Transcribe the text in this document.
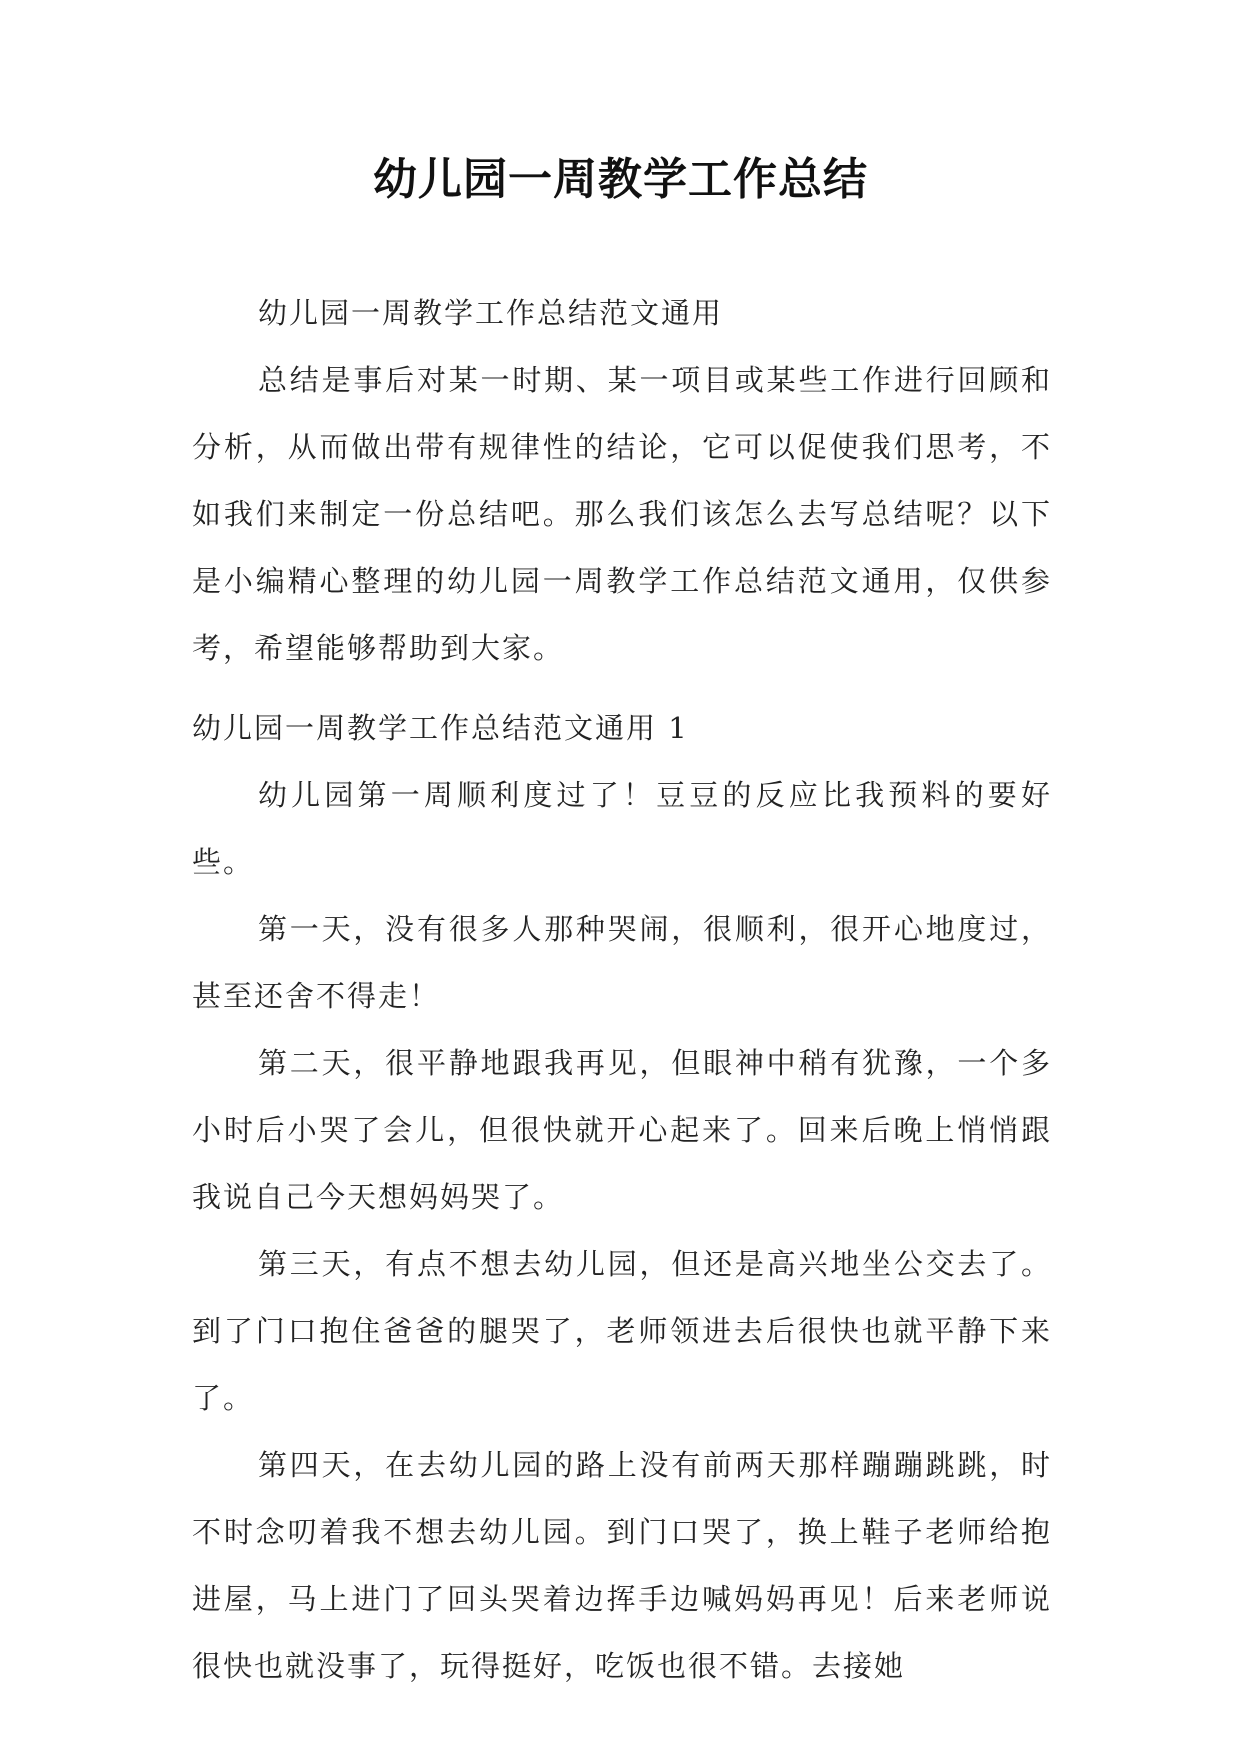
幼儿园一周教学工作总结

幼儿园一周教学工作总结范文通用

总结是事后对某一时期、某一项目或某些工作进行回顾和分析，从而做出带有规律性的结论，它可以促使我们思考，不如我们来制定一份总结吧。那么我们该怎么去写总结呢？以下是小编精心整理的幼儿园一周教学工作总结范文通用，仅供参考，希望能够帮助到大家。

幼儿园一周教学工作总结范文通用 1

幼儿园第一周顺利度过了！豆豆的反应比我预料的要好些。

第一天，没有很多人那种哭闹，很顺利，很开心地度过，甚至还舍不得走！

第二天，很平静地跟我再见，但眼神中稍有犹豫，一个多小时后小哭了会儿，但很快就开心起来了。回来后晚上悄悄跟我说自己今天想妈妈哭了。

第三天，有点不想去幼儿园，但还是高兴地坐公交去了。到了门口抱住爸爸的腿哭了，老师领进去后很快也就平静下来了。

第四天，在去幼儿园的路上没有前两天那样蹦蹦跳跳，时不时念叨着我不想去幼儿园。到门口哭了，换上鞋子老师给抱进屋，马上进门了回头哭着边挥手边喊妈妈再见！后来老师说很快也就没事了，玩得挺好，吃饭也很不错。去接她
